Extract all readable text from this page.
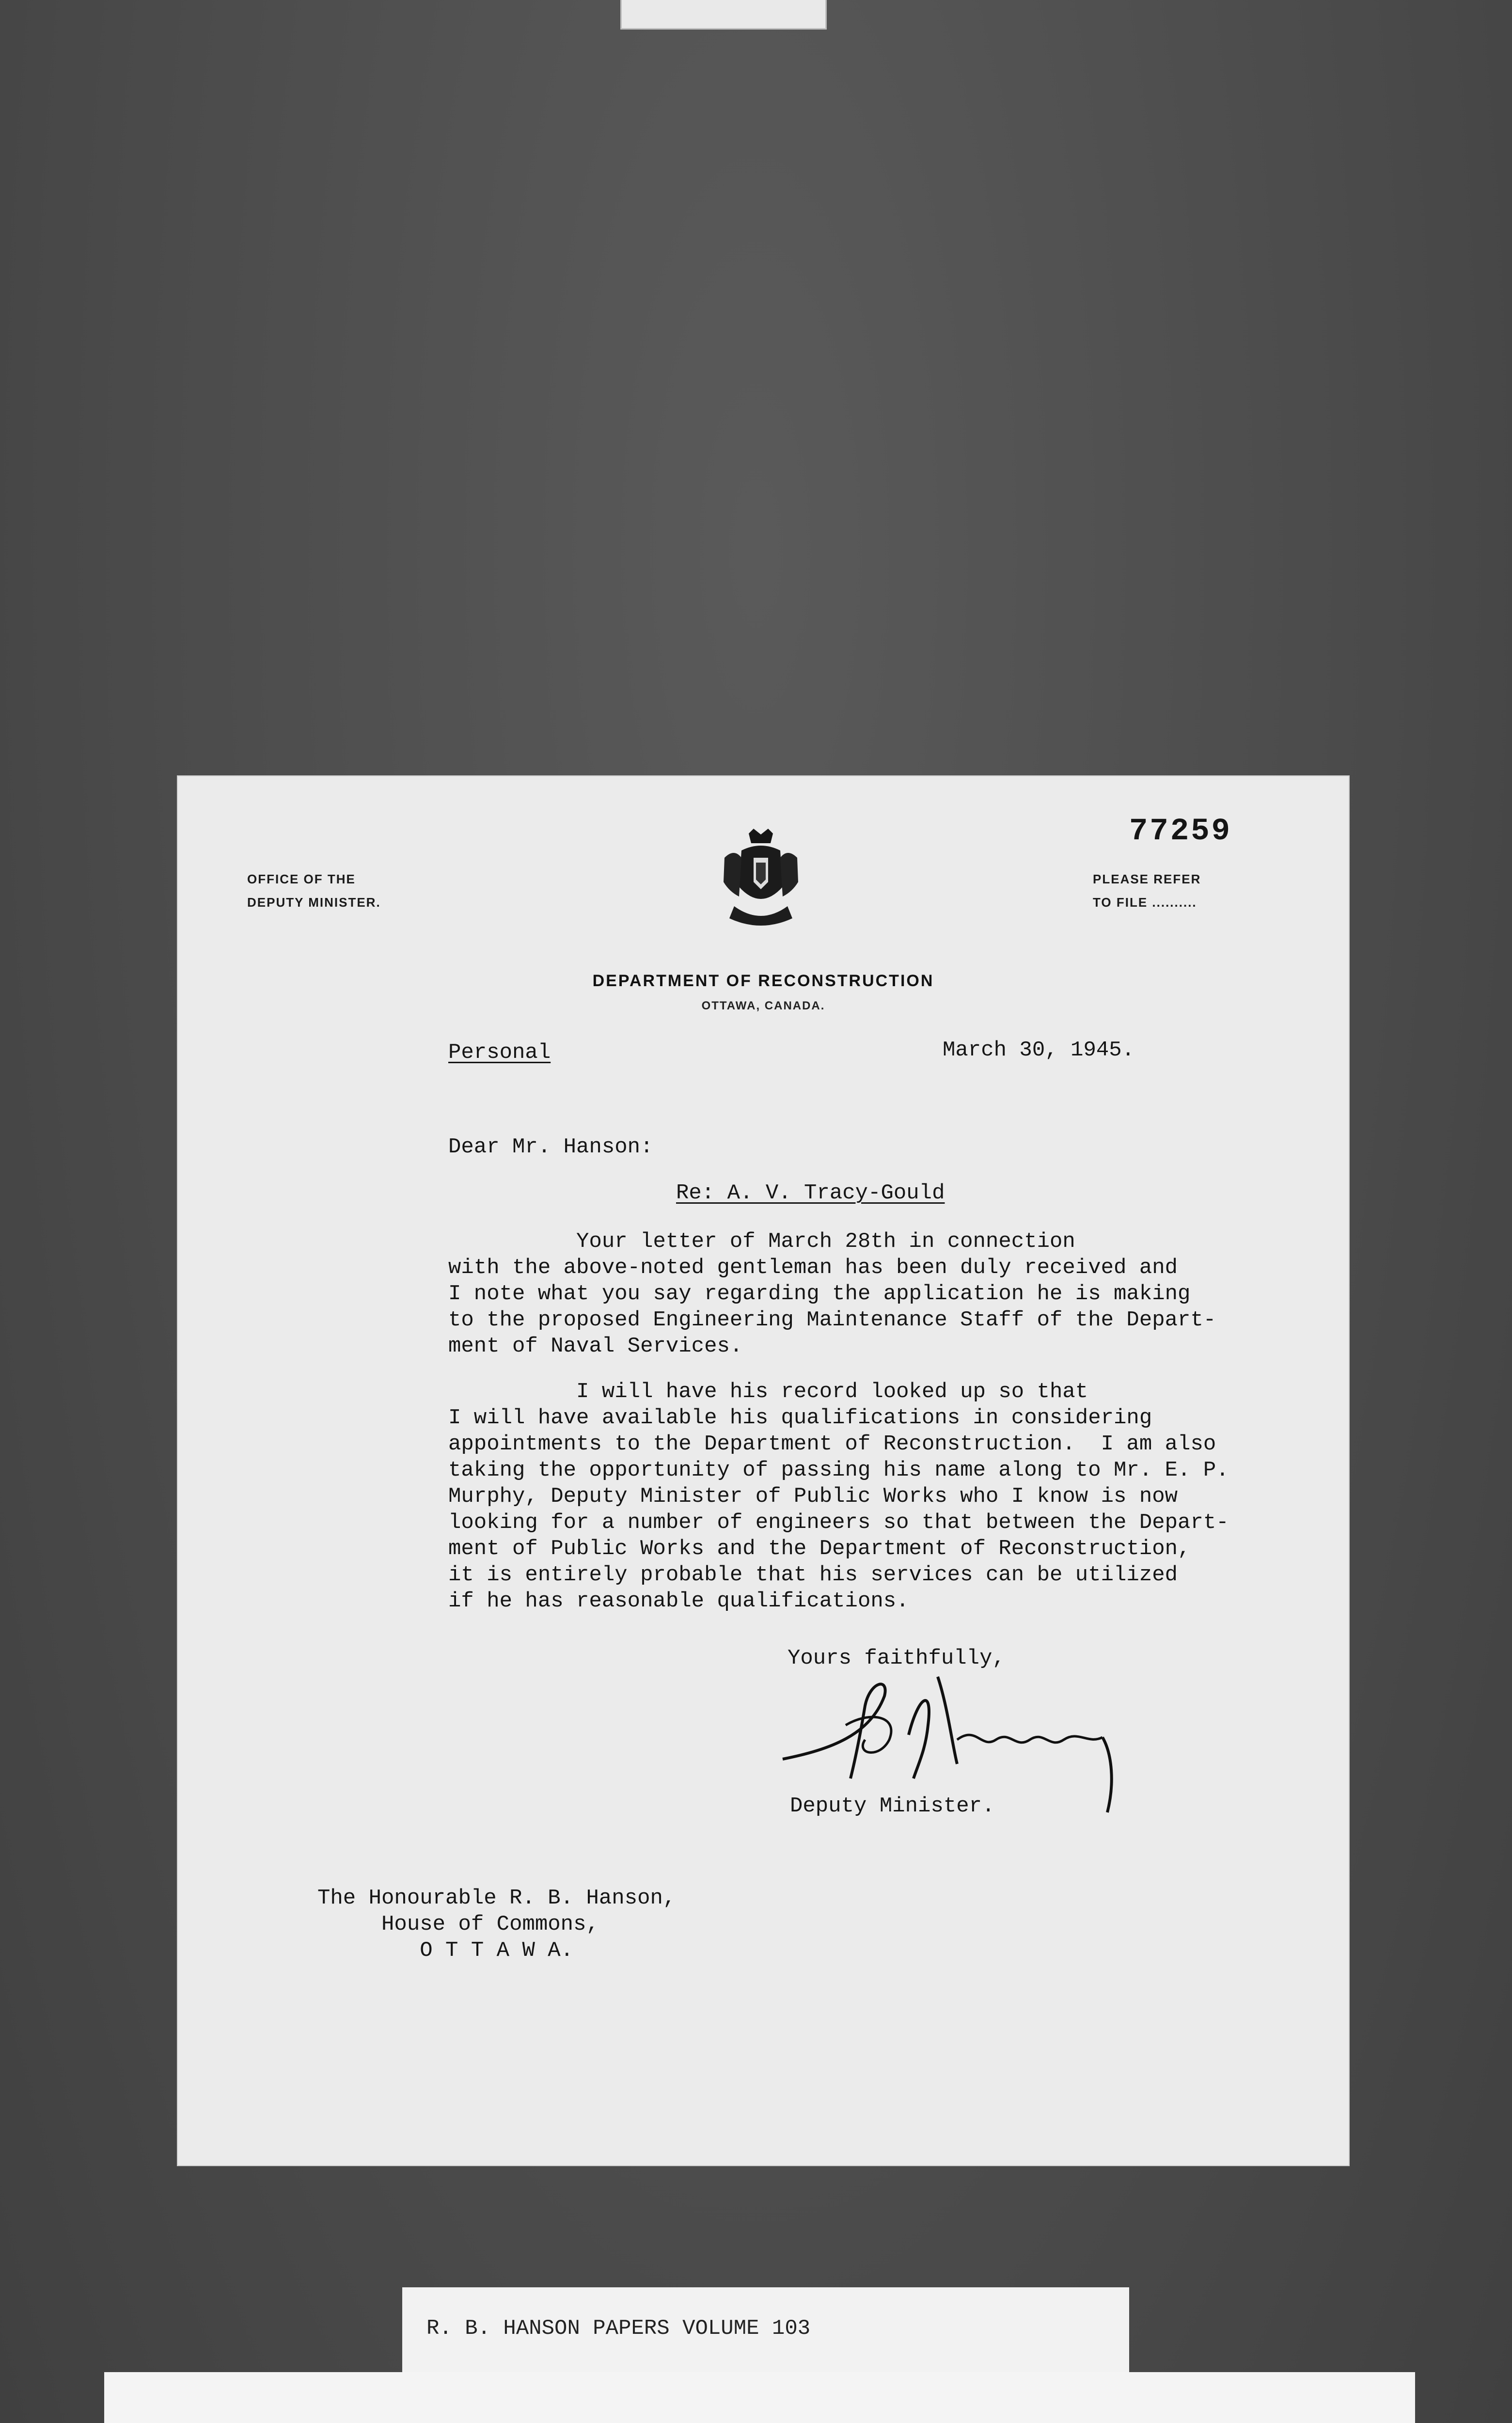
OFFICE OF THE
DEPUTY MINISTER.
77259
PLEASE REFER
TO FILE ..........
DEPARTMENT OF RECONSTRUCTION
OTTAWA, CANADA.
Personal	March 30, 1945.
Dear Mr. Hanson:
Re: A. V. Tracy-Gould
Your letter of March 28th in connection
with the above-noted gentleman has been duly received and
I note what you say regarding the application he is making
to the proposed Engineering Maintenance Staff of the Depart-
ment of Naval Services.
I will have his record looked up so that
I will have available his qualifications in considering
appointments to the Department of Reconstruction.  I am also
taking the opportunity of passing his name along to Mr. E. P.
Murphy, Deputy Minister of Public Works who I know is now
looking for a number of engineers so that between the Depart-
ment of Public Works and the Department of Reconstruction,
it is entirely probable that his services can be utilized
if he has reasonable qualifications.
Yours faithfully,
Deputy Minister.
The Honourable R. B. Hanson,
House of Commons,
O T T A W A.
R. B. HANSON PAPERS VOLUME 103
